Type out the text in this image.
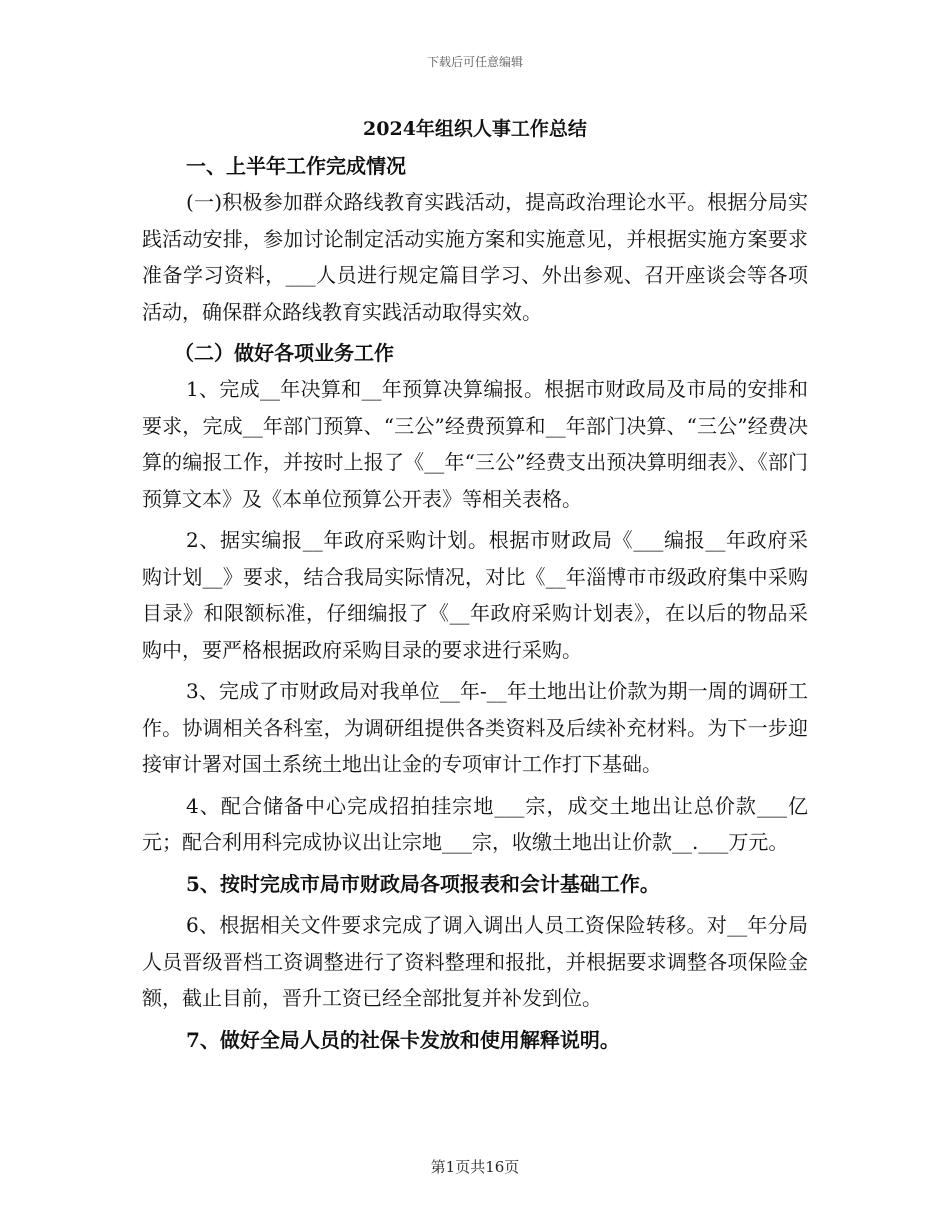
下载后可任意编辑
2024年组织人事工作总结
一、上半年工作完成情况

(一)积极参加群众路线教育实践活动，提高政治理论水平。根据分局实践活动安排，参加讨论制定活动实施方案和实施意见，并根据实施方案要求准备学习资料，___人员进行规定篇目学习、外出参观、召开座谈会等各项活动，确保群众路线教育实践活动取得实效。

（二）做好各项业务工作

1、完成__年决算和__年预算决算编报。根据市财政局及市局的安排和要求，完成__年部门预算、“三公”经费预算和__年部门决算、“三公”经费决算的编报工作，并按时上报了《__年“三公”经费支出预决算明细表》、《部门预算文本》及《本单位预算公开表》等相关表格。

2、据实编报__年政府采购计划。根据市财政局《___编报__年政府采购计划__》要求，结合我局实际情况，对比《__年淄博市市级政府集中采购目录》和限额标准，仔细编报了《__年政府采购计划表》，在以后的物品采购中，要严格根据政府采购目录的要求进行采购。

3、完成了市财政局对我单位__年-__年土地出让价款为期一周的调研工作。协调相关各科室，为调研组提供各类资料及后续补充材料。为下一步迎接审计署对国土系统土地出让金的专项审计工作打下基础。

4、配合储备中心完成招拍挂宗地___宗，成交土地出让总价款___亿元；配合利用科完成协议出让宗地___宗，收缴土地出让价款__.___万元。

5、按时完成市局市财政局各项报表和会计基础工作。

6、根据相关文件要求完成了调入调出人员工资保险转移。对__年分局人员晋级晋档工资调整进行了资料整理和报批，并根据要求调整各项保险金额，截止目前，晋升工资已经全部批复并补发到位。

7、做好全局人员的社保卡发放和使用解释说明。

第1页共16页
